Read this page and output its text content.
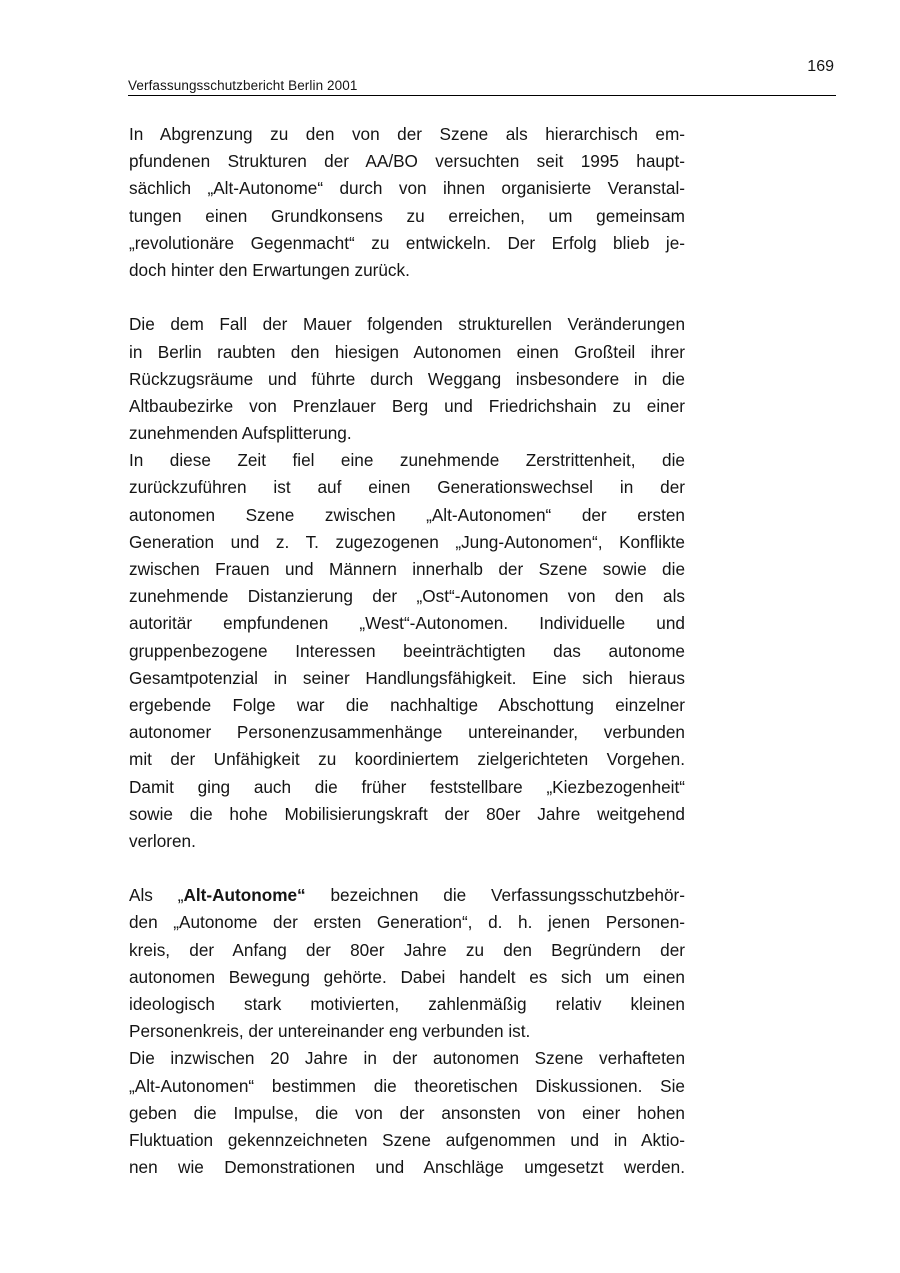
169
Verfassungsschutzbericht Berlin 2001
In Abgrenzung zu den von der Szene als hierarchisch em-
pfundenen Strukturen der AA/BO versuchten seit 1995 haupt-
sächlich „Alt-Autonome“ durch von ihnen organisierte Veranstal-
tungen einen Grundkonsens zu erreichen, um gemeinsam
„revolutionäre Gegenmacht“ zu entwickeln. Der Erfolg blieb je-
doch hinter den Erwartungen zurück.
Die dem Fall der Mauer folgenden strukturellen Veränderungen
in Berlin raubten den hiesigen Autonomen einen Großteil ihrer
Rückzugsräume und führte durch Weggang insbesondere in die
Altbaubezirke von Prenzlauer Berg und Friedrichshain zu einer
zunehmenden Aufsplitterung.
In diese Zeit fiel eine zunehmende Zerstrittenheit, die
zurückzuführen ist auf einen Generationswechsel in der
autonomen Szene zwischen „Alt-Autonomen“ der ersten
Generation und z. T. zugezogenen „Jung-Autonomen“, Konflikte
zwischen Frauen und Männern innerhalb der Szene sowie die
zunehmende Distanzierung der „Ost“-Autonomen von den als
autoritär empfundenen „West“-Autonomen. Individuelle und
gruppenbezogene Interessen beeinträchtigten das autonome
Gesamtpotenzial in seiner Handlungsfähigkeit. Eine sich hieraus
ergebende Folge war die nachhaltige Abschottung einzelner
autonomer Personenzusammenhänge untereinander, verbunden
mit der Unfähigkeit zu koordiniertem zielgerichteten Vorgehen.
Damit ging auch die früher feststellbare „Kiezbezogenheit“
sowie die hohe Mobilisierungskraft der 80er Jahre weitgehend
verloren.
Als „Alt-Autonome“ bezeichnen die Verfassungsschutzbehör-
den „Autonome der ersten Generation“, d. h. jenen Personen-
kreis, der Anfang der 80er Jahre zu den Begründern der
autonomen Bewegung gehörte. Dabei handelt es sich um einen
ideologisch stark motivierten, zahlenmäßig relativ kleinen
Personenkreis, der untereinander eng verbunden ist.
Die inzwischen 20 Jahre in der autonomen Szene verhafteten
„Alt-Autonomen“ bestimmen die theoretischen Diskussionen. Sie
geben die Impulse, die von der ansonsten von einer hohen
Fluktuation gekennzeichneten Szene aufgenommen und in Aktio-
nen wie Demonstrationen und Anschläge umgesetzt werden.
